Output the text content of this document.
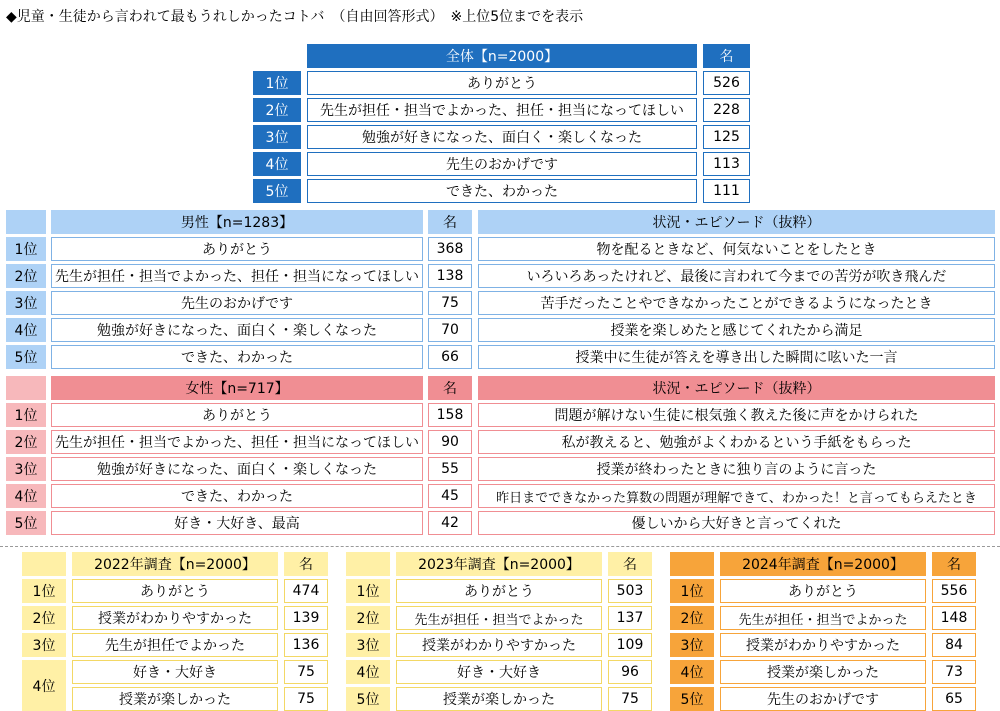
◆児童・生徒から言われて最もうれしかったコトバ　（自由回答形式）　※上位5位までを表示
全体【n=2000】	名
1位	ありがとう	526
2位	先生が担任・担当でよかった、担任・担当になってほしい	228
3位	勉強が好きになった、面白く・楽しくなった	125
4位	先生のおかげです	113
5位	できた、わかった	111
男性【n=1283】	名	状況・エピソード（抜粋）
1位	ありがとう	368	物を配るときなど、何気ないことをしたとき
2位	先生が担任・担当でよかった、担任・担当になってほしい	138	いろいろあったけれど、最後に言われて今までの苦労が吹き飛んだ
3位	先生のおかげです	75	苦手だったことやできなかったことができるようになったとき
4位	勉強が好きになった、面白く・楽しくなった	70	授業を楽しめたと感じてくれたから満足
5位	できた、わかった	66	授業中に生徒が答えを導き出した瞬間に呟いた一言
女性【n=717】	名	状況・エピソード（抜粋）
1位	ありがとう	158	問題が解けない生徒に根気強く教えた後に声をかけられた
2位	先生が担任・担当でよかった、担任・担当になってほしい	90	私が教えると、勉強がよくわかるという手紙をもらった
3位	勉強が好きになった、面白く・楽しくなった	55	授業が終わったときに独り言のように言った
4位	できた、わかった	45	昨日までできなかった算数の問題が理解できて、わかった！と言ってもらえたとき
5位	好き・大好き、最高	42	優しいから大好きと言ってくれた
2022年調査【n=2000】	名
1位	ありがとう	474
2位	授業がわかりやすかった	139
3位	先生が担任でよかった	136
4位
好き・大好き	75
授業が楽しかった	75
2023年調査【n=2000】	名
1位	ありがとう	503
2位	先生が担任・担当でよかった	137
3位	授業がわかりやすかった	109
4位	好き・大好き	96
5位	授業が楽しかった	75
2024年調査【n=2000】	名
1位	ありがとう	556
2位	先生が担任・担当でよかった	148
3位	授業がわかりやすかった	84
4位	授業が楽しかった	73
5位	先生のおかげです	65
